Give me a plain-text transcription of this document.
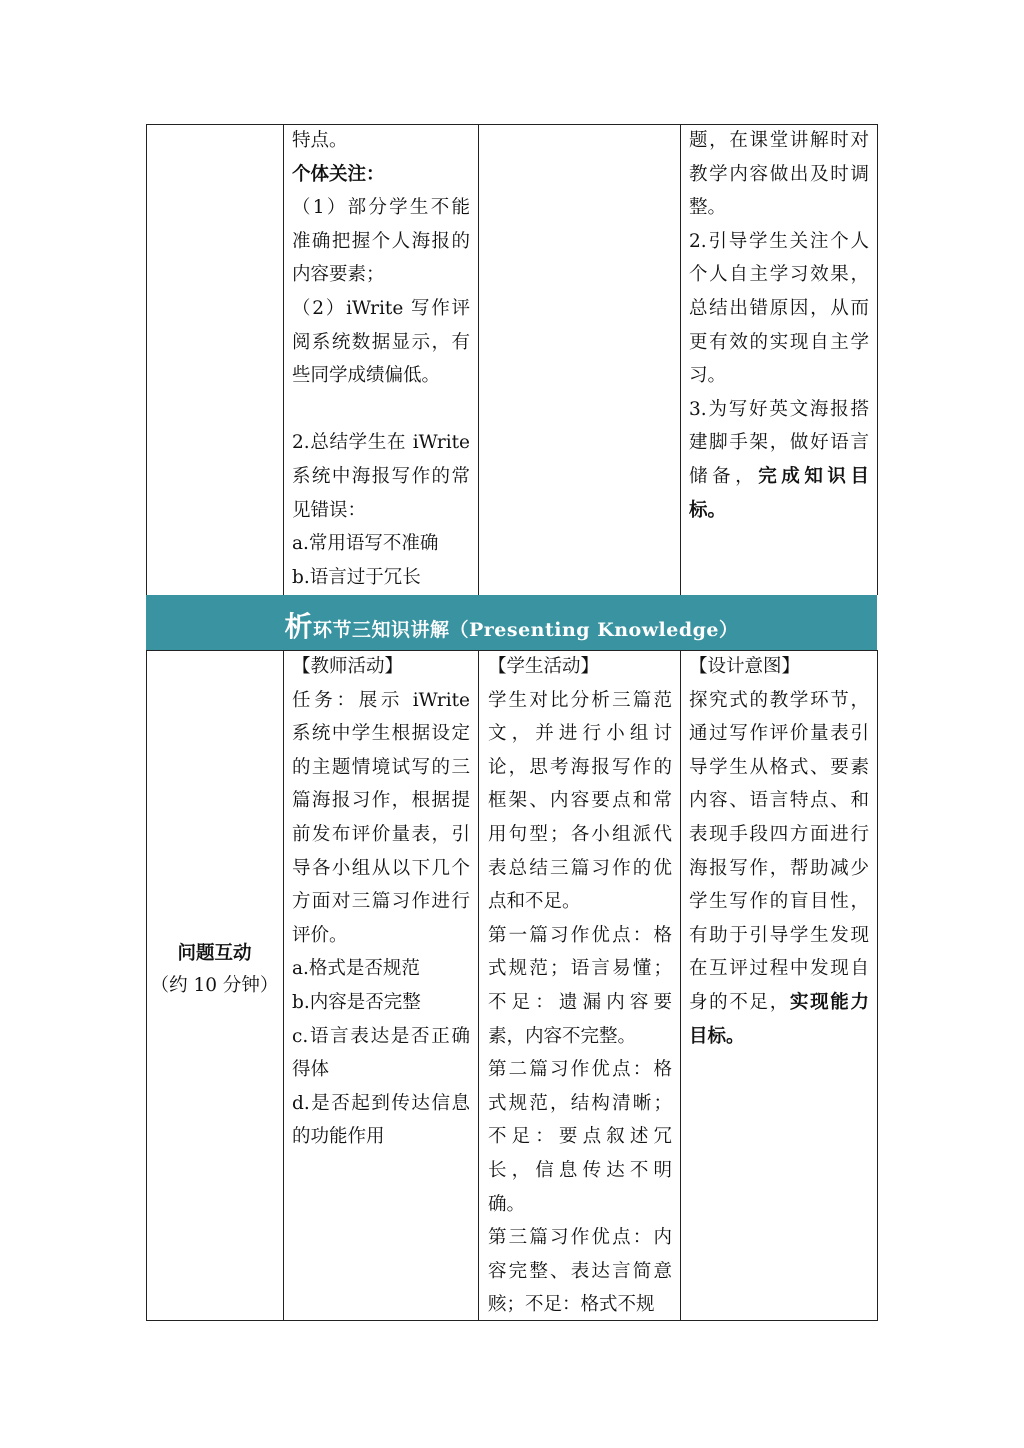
特点。
个体关注：
（1）部分学生不能准确把握个人海报的内容要素；
（2）iWrite 写作评阅系统数据显示，有些同学成绩偏低。

2.总结学生在 iWrite 系统中海报写作的常见错误：
a.常用语写不准确
b.语言过于冗长
题，在课堂讲解时对教学内容做出及时调整。
2.引导学生关注个人个人自主学习效果，总结出错原因，从而更有效的实现自主学习。
3.为写好英文海报搭建脚手架，做好语言储备，完成知识目标。
析环节三知识讲解（Presenting Knowledge）
问题互动
（约 10 分钟）
【教师活动】
任务：展示 iWrite 系统中学生根据设定的主题情境试写的三篇海报习作，根据提前发布评价量表，引导各小组从以下几个方面对三篇习作进行评价。
a.格式是否规范
b.内容是否完整
c.语言表达是否正确得体
d.是否起到传达信息的功能作用
【学生活动】
学生对比分析三篇范文，并进行小组讨论，思考海报写作的框架、内容要点和常用句型；各小组派代表总结三篇习作的优点和不足。
第一篇习作优点：格式规范；语言易懂；不足：遗漏内容要素，内容不完整。
第二篇习作优点：格式规范，结构清晰；不足：要点叙述冗长，信息传达不明确。
第三篇习作优点：内容完整、表达言简意赅；不足：格式不规
【设计意图】
探究式的教学环节，通过写作评价量表引导学生从格式、要素内容、语言特点、和表现手段四方面进行海报写作，帮助减少学生写作的盲目性，有助于引导学生发现在互评过程中发现自身的不足，实现能力目标。
